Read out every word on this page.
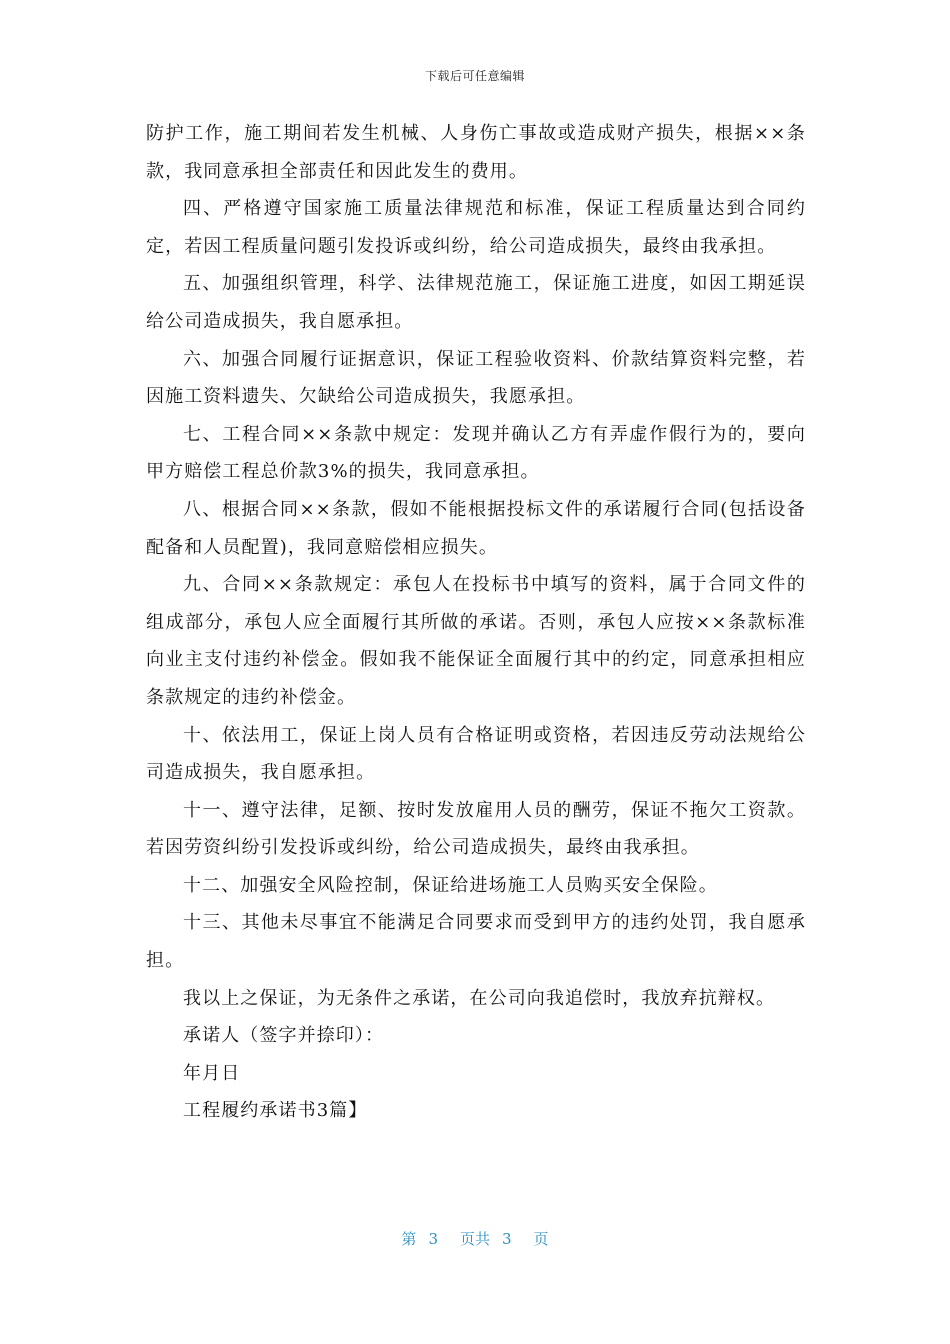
下载后可任意编辑

防护工作，施工期间若发生机械、人身伤亡事故或造成财产损失，根据××条款，我同意承担全部责任和因此发生的费用。

四、严格遵守国家施工质量法律规范和标准，保证工程质量达到合同约定，若因工程质量问题引发投诉或纠纷，给公司造成损失，最终由我承担。

五、加强组织管理，科学、法律规范施工，保证施工进度，如因工期延误给公司造成损失，我自愿承担。

六、加强合同履行证据意识，保证工程验收资料、价款结算资料完整，若因施工资料遗失、欠缺给公司造成损失，我愿承担。

七、工程合同××条款中规定：发现并确认乙方有弄虚作假行为的，要向甲方赔偿工程总价款3%的损失，我同意承担。

八、根据合同××条款，假如不能根据投标文件的承诺履行合同(包括设备配备和人员配置)，我同意赔偿相应损失。

九、合同××条款规定：承包人在投标书中填写的资料，属于合同文件的组成部分，承包人应全面履行其所做的承诺。否则，承包人应按××条款标准向业主支付违约补偿金。假如我不能保证全面履行其中的约定，同意承担相应条款规定的违约补偿金。

十、依法用工，保证上岗人员有合格证明或资格，若因违反劳动法规给公司造成损失，我自愿承担。

十一、遵守法律，足额、按时发放雇用人员的酬劳，保证不拖欠工资款。若因劳资纠纷引发投诉或纠纷，给公司造成损失，最终由我承担。

十二、加强安全风险控制，保证给进场施工人员购买安全保险。

十三、其他未尽事宜不能满足合同要求而受到甲方的违约处罚，我自愿承担。

我以上之保证，为无条件之承诺，在公司向我追偿时，我放弃抗辩权。

承诺人（签字并捺印）：

年月日

工程履约承诺书3篇】

第 3 页共 3 页
